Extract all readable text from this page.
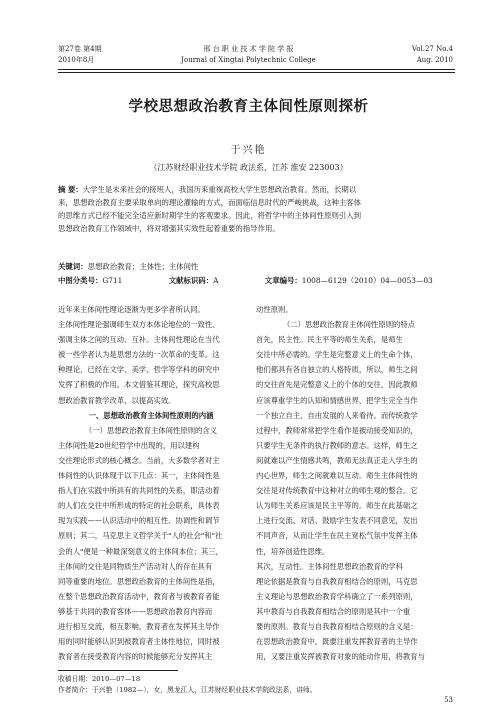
第27卷 第4期
2010年8月
邢 台 职 业 技 术 学 院 学 报
Journal of Xingtai Polytechnic College
Vol.27 No.4
Aug. 2010
学校思想政治教育主体间性原则探析
于兴艳
（江苏财经职业技术学院 政法系，江苏 淮安 223003）
摘 要：大学生是未来社会的接班人，我国历来重视高校大学生思想政治教育。然而，长期以
来，思想政治教育主要采取单向的理论灌输的方式，而面临信息时代的严峻挑战，这种主客体
的思维方式已经不能完全适应新时期学生的客观要求。因此，将哲学中的主体间性原则引入到
思想政治教育工作领域中，将对增强其实效性起着重要的指导作用。
关键词：思想政治教育；主体性；主体间性
中图分类号：G711	文献标识码：A	文章编号：1008—6129（2010）04—0053—03
近年来主体间性理论逐渐为更多学者所认同。
主体间性理论强调师生双方本体论地位的一致性、
强调主体之间的互动、互补。主体间性理论在当代
被一些学者认为是思想方法的一次革命的变革。这
种理论，已经在文学、美学、哲学等学科的研究中
发挥了积极的作用。本文借鉴其理论，探究高校思
想政治教育教学改革，以提高实效。
一、思想政治教育主体间性原则的内涵
（一）思想政治教育主体间性原则的含义
主体间性是20世纪哲学中出现的，用以建构
交往理论形式的核心概念。当前，大多数学者对主
体间性的认识体现于以下几点：其一，主体间性是
指人们在实践中所具有的共同性的关系，即活动着
的人们在交往中所形成的特定的社会联系，具体表
现为实践——认识活动中的相互性、协调性和调节
原则；其二，马克思主义哲学关于"人的社会"和"社
会的人"便是一种最深刻意义的主体间本位；其三，
主体间的交往是同物质生产活动对人的存在具有
同等重要的地位。思想政治教育的主体间性是指，
在整个思想政治教育活动中，教育者与被教育者能
够基于共同的教育客体——思想政治教育内容而
进行相互交流，相互影响，教育者在发挥其主导作
用的同时能够认识到被教育者主体性地位，同时被
教育者在接受教育内容的时候能够充分发挥其主
动性原则。
（二）思想政治教育主体间性原则的特点
首先，民主性。民主平等的师生关系，是师生
交往中所必需的。学生是完整意义上的生命个体，
他们都具有各自独立的人格特质，所以，师生之间
的交往首先是完整意义上的个体的交往，因此教师
应该尊重学生的认知和情感世界，把学生完全当作
一个独立自主、自由发展的人来看待。而传统教学
过程中，教师常常把学生看作是被动接受知识的，
只要学生无条件的执行教师的意志。这样，师生之
间就难以产生情感共鸣，教师无法真正走入学生的
内心世界，师生之间就难以互动。师生主体间性的
交往是对传统教育中这种对立的师生观的整合。它
认为师生关系应该是民主平等的。师生在此基础之
上进行交流、对话、鼓励学生发表不同意见，发出
不同声音，从而让学生在民主宽松气氛中发挥主体
性，培养创造性思维。
其次，互动性。主体间性思想政治教育的学科
理论依据是教育与自我教育相结合的原则，马克思
主义理论与思想政治教育学科确立了一系列原则，
其中教育与自我教育相结合的原则是其中一个重
要的原则。教育与自我教育相结合原则的含义是：
在思想政治教育中，既要注重发挥教育者的主导作
用，又要注重发挥被教育对象的能动作用，将教育与
收稿日期：2010—07—18
作者简介：于兴艳（1982—），女，黑龙江人，江苏财经职业技术学院政法系，讲师。
53
